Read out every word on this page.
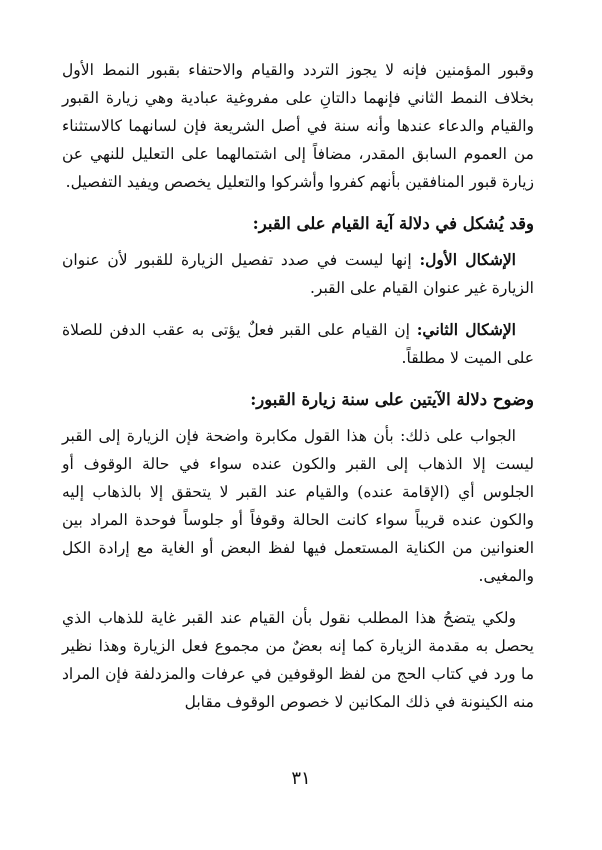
وقبور المؤمنين فإنه لا يجوز التردد والقيام والاحتفاء بقبور النمط الأول بخلاف النمط الثاني فإنهما دالتانِ على مفروغية عبادية وهي زيارة القبور والقيام والدعاء عندها وأنه سنة في أصل الشريعة فإن لسانهما كالاستثناء من العموم السابق المقدر، مضافاً إلى اشتمالهما على التعليل للنهي عن زيارة قبور المنافقين بأنهم كفروا وأشركوا والتعليل يخصص ويفيد التفصيل.

وقد يُشكل في دلالة آية القيام على القبر:

الإشكال الأول: إنها ليست في صدد تفصيل الزيارة للقبور لأن عنوان الزيارة غير عنوان القيام على القبر.

الإشكال الثاني: إن القيام على القبر فعلٌ يؤتى به عقب الدفن للصلاة على الميت لا مطلقاً.

وضوح دلالة الآيتين على سنة زيارة القبور:

الجواب على ذلك: بأن هذا القول مكابرة واضحة فإن الزيارة إلى القبر ليست إلا الذهاب إلى القبر والكون عنده سواء في حالة الوقوف أو الجلوس أي (الإقامة عنده) والقيام عند القبر لا يتحقق إلا بالذهاب إليه والكون عنده قريباً سواء كانت الحالة وقوفاً أو جلوساً فوحدة المراد بين العنوانين من الكناية المستعمل فيها لفظ البعض أو الغاية مع إرادة الكل والمغيى.

ولكي يتضحُ هذا المطلب نقول بأن القيام عند القبر غاية للذهاب الذي يحصل به مقدمة الزيارة كما إنه بعضٌ من مجموع فعل الزيارة وهذا نظير ما ورد في كتاب الحج من لفظ الوقوفين في عرفات والمزدلفة فإن المراد منه الكينونة في ذلك المكانين لا خصوص الوقوف مقابل

٣١
